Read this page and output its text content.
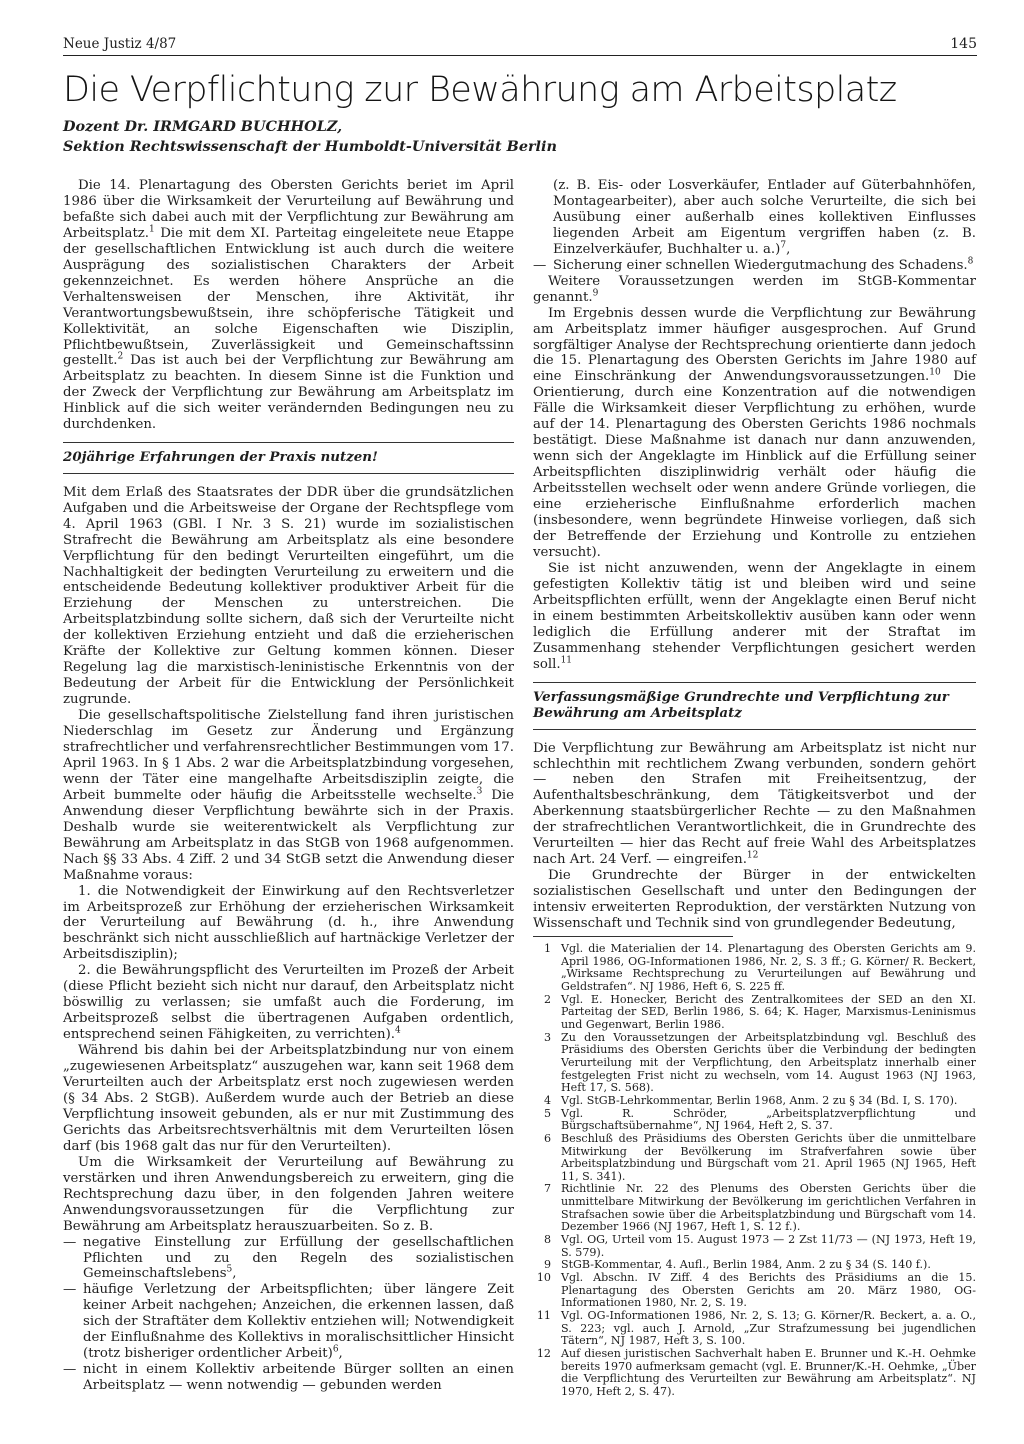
Neue Justiz 4/87	145
Die Verpflichtung zur Bewährung am Arbeitsplatz
Dozent Dr. IRMGARD BUCHHOLZ,
Sektion Rechtswissenschaft der Humboldt-Universität Berlin

Die 14. Plenartagung des Obersten Gerichts beriet im April 1986 über die Wirksamkeit der Verurteilung auf Bewährung und befaßte sich dabei auch mit der Verpflichtung zur Bewährung am Arbeitsplatz.$^1$ Die mit dem XI. Parteitag eingeleitete neue Etappe der gesellschaftlichen Entwicklung ist auch durch die weitere Ausprägung des sozialistischen Charakters der Arbeit gekennzeichnet. Es werden höhere Ansprüche an die Verhaltensweisen der Menschen, ihre Aktivität, ihr Verantwortungsbewußtsein, ihre schöpferische Tätigkeit und Kollektivität, an solche Eigenschaften wie Disziplin, Pflichtbewußtsein, Zuverlässigkeit und Gemeinschaftssinn gestellt.$^2$ Das ist auch bei der Verpflichtung zur Bewährung am Arbeitsplatz zu beachten. In diesem Sinne ist die Funktion und der Zweck der Verpflichtung zur Bewährung am Arbeitsplatz im Hinblick auf die sich weiter verändernden Bedingungen neu zu durchdenken.

20jährige Erfahrungen der Praxis nutzen!

Mit dem Erlaß des Staatsrates der DDR über die grundsätzlichen Aufgaben und die Arbeitsweise der Organe der Rechtspflege vom 4. April 1963 (GBl. I Nr. 3 S. 21) wurde im sozialistischen Strafrecht die Bewährung am Arbeitsplatz als eine besondere Verpflichtung für den bedingt Verurteilten eingeführt, um die Nachhaltigkeit der bedingten Verurteilung zu erweitern und die entscheidende Bedeutung kollektiver produktiver Arbeit für die Erziehung der Menschen zu unterstreichen. Die Arbeitsplatzbindung sollte sichern, daß sich der Verurteilte nicht der kollektiven Erziehung entzieht und daß die erzieherischen Kräfte der Kollektive zur Geltung kommen können. Dieser Regelung lag die marxistisch-leninistische Erkenntnis von der Bedeutung der Arbeit für die Entwicklung der Persönlichkeit zugrunde.

Die gesellschaftspolitische Zielstellung fand ihren juristischen Niederschlag im Gesetz zur Änderung und Ergänzung strafrechtlicher und verfahrensrechtlicher Bestimmungen vom 17. April 1963. In § 1 Abs. 2 war die Arbeitsplatzbindung vorgesehen, wenn der Täter eine mangelhafte Arbeitsdisziplin zeigte, die Arbeit bummelte oder häufig die Arbeitsstelle wechselte.$^3$ Die Anwendung dieser Verpflichtung bewährte sich in der Praxis. Deshalb wurde sie weiterentwickelt als Verpflichtung zur Bewährung am Arbeitsplatz in das StGB von 1968 aufgenommen. Nach §§ 33 Abs. 4 Ziff. 2 und 34 StGB setzt die Anwendung dieser Maßnahme voraus:

1. die Notwendigkeit der Einwirkung auf den Rechtsverletzer im Arbeitsprozeß zur Erhöhung der erzieherischen Wirksamkeit der Verurteilung auf Bewährung (d. h., ihre Anwendung beschränkt sich nicht ausschließlich auf hartnäckige Verletzer der Arbeitsdisziplin);

2. die Bewährungspflicht des Verurteilten im Prozeß der Arbeit (diese Pflicht bezieht sich nicht nur darauf, den Arbeitsplatz nicht böswillig zu verlassen; sie umfaßt auch die Forderung, im Arbeitsprozeß selbst die übertragenen Aufgaben ordentlich, entsprechend seinen Fähigkeiten, zu verrichten).$^4$

Während bis dahin bei der Arbeitsplatzbindung nur von einem „zugewiesenen Arbeitsplatz“ auszugehen war, kann seit 1968 dem Verurteilten auch der Arbeitsplatz erst noch zugewiesen werden (§ 34 Abs. 2 StGB). Außerdem wurde auch der Betrieb an diese Verpflichtung insoweit gebunden, als er nur mit Zustimmung des Gerichts das Arbeitsrechtsverhältnis mit dem Verurteilten lösen darf (bis 1968 galt das nur für den Verurteilten).

Um die Wirksamkeit der Verurteilung auf Bewährung zu verstärken und ihren Anwendungsbereich zu erweitern, ging die Rechtsprechung dazu über, in den folgenden Jahren weitere Anwendungsvoraussetzungen für die Verpflichtung zur Bewährung am Arbeitsplatz herauszuarbeiten. So z. B.

— negative Einstellung zur Erfüllung der gesellschaftlichen Pflichten und zu den Regeln des sozialistischen Gemeinschaftslebens$^5$,
— häufige Verletzung der Arbeitspflichten; über längere Zeit keiner Arbeit nachgehen; Anzeichen, die erkennen lassen, daß sich der Straftäter dem Kollektiv entziehen will; Notwendigkeit der Einflußnahme des Kollektivs in moralischsittlicher Hinsicht (trotz bisheriger ordentlicher Arbeit)$^6$,
— nicht in einem Kollektiv arbeitende Bürger sollten an einen Arbeitsplatz — wenn notwendig — gebunden werden
(z. B. Eis- oder Losverkäufer, Entlader auf Güterbahnhöfen, Montagearbeiter), aber auch solche Verurteilte, die sich bei Ausübung einer außerhalb eines kollektiven Einflusses liegenden Arbeit am Eigentum vergriffen haben (z. B. Einzelverkäufer, Buchhalter u. a.)$^7$,
— Sicherung einer schnellen Wiedergutmachung des Schadens.$^8$

Weitere Voraussetzungen werden im StGB-Kommentar genannt.$^9$

Im Ergebnis dessen wurde die Verpflichtung zur Bewährung am Arbeitsplatz immer häufiger ausgesprochen. Auf Grund sorgfältiger Analyse der Rechtsprechung orientierte dann jedoch die 15. Plenartagung des Obersten Gerichts im Jahre 1980 auf eine Einschränkung der Anwendungsvoraussetzungen.$^{10}$ Die Orientierung, durch eine Konzentration auf die notwendigen Fälle die Wirksamkeit dieser Verpflichtung zu erhöhen, wurde auf der 14. Plenartagung des Obersten Gerichts 1986 nochmals bestätigt. Diese Maßnahme ist danach nur dann anzuwenden, wenn sich der Angeklagte im Hinblick auf die Erfüllung seiner Arbeitspflichten disziplinwidrig verhält oder häufig die Arbeitsstellen wechselt oder wenn andere Gründe vorliegen, die eine erzieherische Einflußnahme erforderlich machen (insbesondere, wenn begründete Hinweise vorliegen, daß sich der Betreffende der Erziehung und Kontrolle zu entziehen versucht).

Sie ist nicht anzuwenden, wenn der Angeklagte in einem gefestigten Kollektiv tätig ist und bleiben wird und seine Arbeitspflichten erfüllt, wenn der Angeklagte einen Beruf nicht in einem bestimmten Arbeitskollektiv ausüben kann oder wenn lediglich die Erfüllung anderer mit der Straftat im Zusammenhang stehender Verpflichtungen gesichert werden soll.$^{11}$

Verfassungsmäßige Grundrechte und Verpflichtung zur Bewährung am Arbeitsplatz

Die Verpflichtung zur Bewährung am Arbeitsplatz ist nicht nur schlechthin mit rechtlichem Zwang verbunden, sondern gehört — neben den Strafen mit Freiheitsentzug, der Aufenthaltsbeschränkung, dem Tätigkeitsverbot und der Aberkennung staatsbürgerlicher Rechte — zu den Maßnahmen der strafrechtlichen Verantwortlichkeit, die in Grundrechte des Verurteilten — hier das Recht auf freie Wahl des Arbeitsplatzes nach Art. 24 Verf. — eingreifen.$^{12}$

Die Grundrechte der Bürger in der entwickelten sozialistischen Gesellschaft und unter den Bedingungen der intensiv erweiterten Reproduktion, der verstärkten Nutzung von Wissenschaft und Technik sind von grundlegender Bedeutung,

1 Vgl. die Materialien der 14. Plenartagung des Obersten Gerichts am 9. April 1986, OG-Informationen 1986, Nr. 2, S. 3 ff.; G. Körner/ R. Beckert, „Wirksame Rechtsprechung zu Verurteilungen auf Bewährung und Geldstrafen“. NJ 1986, Heft 6, S. 225 ff.

2 Vgl. E. Honecker, Bericht des Zentralkomitees der SED an den XI. Parteitag der SED, Berlin 1986, S. 64; K. Hager, Marxismus-Leninismus und Gegenwart, Berlin 1986.

3 Zu den Voraussetzungen der Arbeitsplatzbindung vgl. Beschluß des Präsidiums des Obersten Gerichts über die Verbindung der bedingten Verurteilung mit der Verpflichtung, den Arbeitsplatz innerhalb einer festgelegten Frist nicht zu wechseln, vom 14. August 1963 (NJ 1963, Heft 17, S. 568).

4 Vgl. StGB-Lehrkommentar, Berlin 1968, Anm. 2 zu § 34 (Bd. I, S. 170).

5 Vgl. R. Schröder, „Arbeitsplatzverpflichtung und Bürgschaftsübernahme“, NJ 1964, Heft 2, S. 37.

6 Beschluß des Präsidiums des Obersten Gerichts über die unmittelbare Mitwirkung der Bevölkerung im Strafverfahren sowie über Arbeitsplatzbindung und Bürgschaft vom 21. April 1965 (NJ 1965, Heft 11, S. 341).

7 Richtlinie Nr. 22 des Plenums des Obersten Gerichts über die unmittelbare Mitwirkung der Bevölkerung im gerichtlichen Verfahren in Strafsachen sowie über die Arbeitsplatzbindung und Bürgschaft vom 14. Dezember 1966 (NJ 1967, Heft 1, S. 12 f.).

8 Vgl. OG, Urteil vom 15. August 1973 — 2 Zst 11/73 — (NJ 1973, Heft 19, S. 579).

9 StGB-Kommentar, 4. Aufl., Berlin 1984, Anm. 2 zu § 34 (S. 140 f.).

10 Vgl. Abschn. IV Ziff. 4 des Berichts des Präsidiums an die 15. Plenartagung des Obersten Gerichts am 20. März 1980, OG-Informationen 1980, Nr. 2, S. 19.

11 Vgl. OG-Informationen 1986, Nr. 2, S. 13; G. Körner/R. Beckert, a. a. O., S. 223; vgl. auch J. Arnold, „Zur Strafzumessung bei jugendlichen Tätern“, NJ 1987, Heft 3, S. 100.

12 Auf diesen juristischen Sachverhalt haben E. Brunner und K.-H. Oehmke bereits 1970 aufmerksam gemacht (vgl. E. Brunner/K.-H. Oehmke, „Über die Verpflichtung des Verurteilten zur Bewährung am Arbeitsplatz“. NJ 1970, Heft 2, S. 47).
